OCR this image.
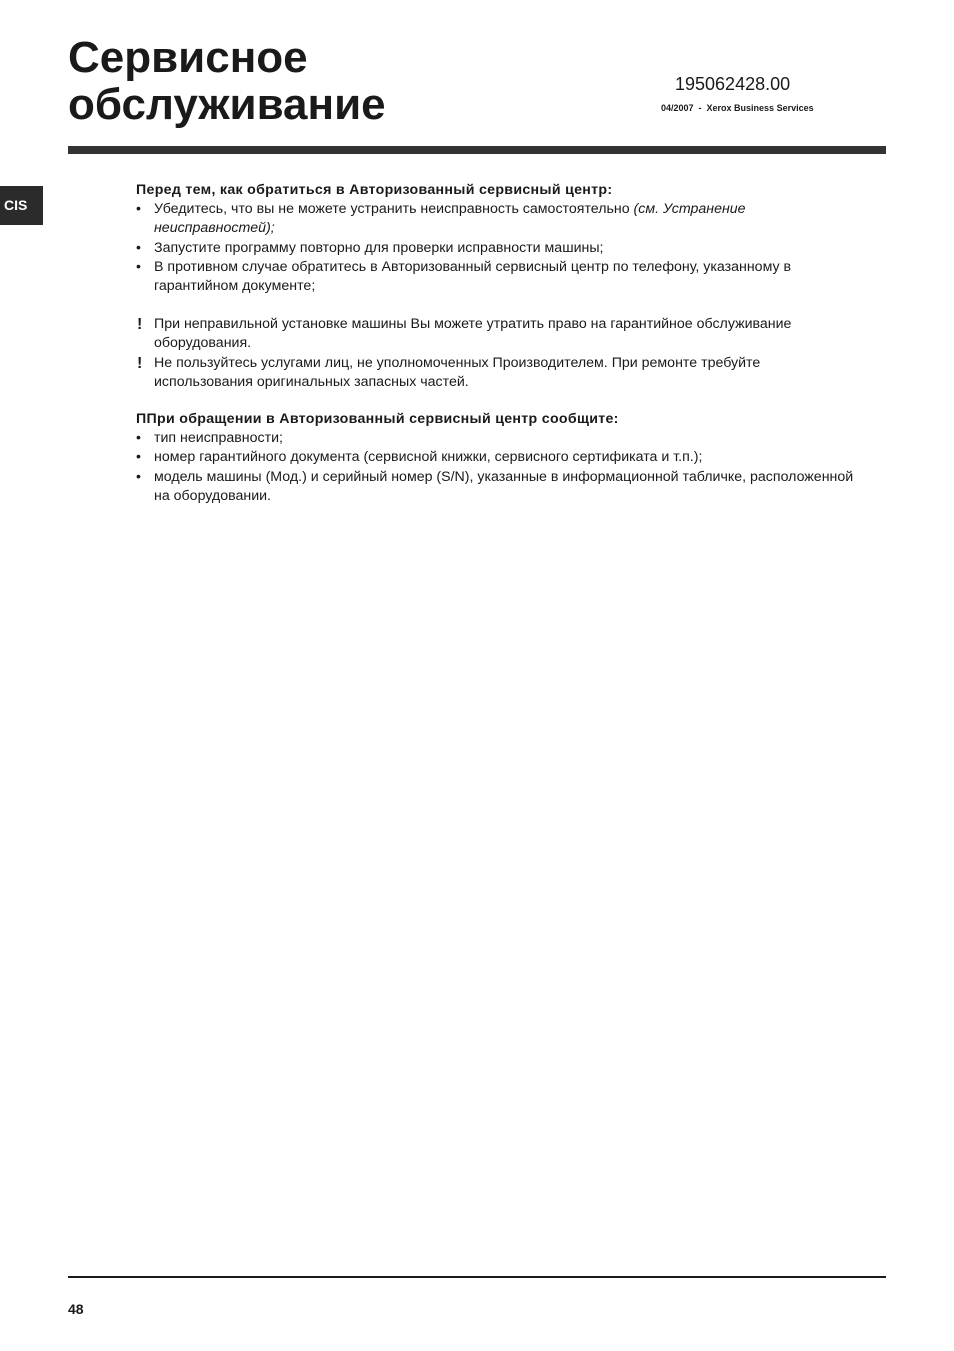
Сервисное
обслуживание	195062428.00
04/2007  -  Xerox Business Services
CIS

Перед тем, как обратиться в Авторизованный сервисный центр:

• Убедитесь, что вы не можете устранить неисправность самостоятельно (см. Устранение неисправностей);
• Запустите программу повторно для проверки исправности машины;
• В противном случае обратитесь в Авторизованный сервисный центр по телефону, указанному в гарантийном документе;
! При неправильной установке машины Вы можете утратить право на гарантийное обслуживание оборудования.
! Не пользуйтесь услугами лиц, не уполномоченных Производителем. При ремонте требуйте использования оригинальных запасных частей.

ППри обращении в Авторизованный сервисный центр сообщите:

• тип неисправности;
• номер гарантийного документа (сервисной книжки, сервисного сертификата и т.п.);
• модель машины (Мод.) и серийный номер (S/N), указанные в информационной табличке, расположенной на оборудовании.
48
